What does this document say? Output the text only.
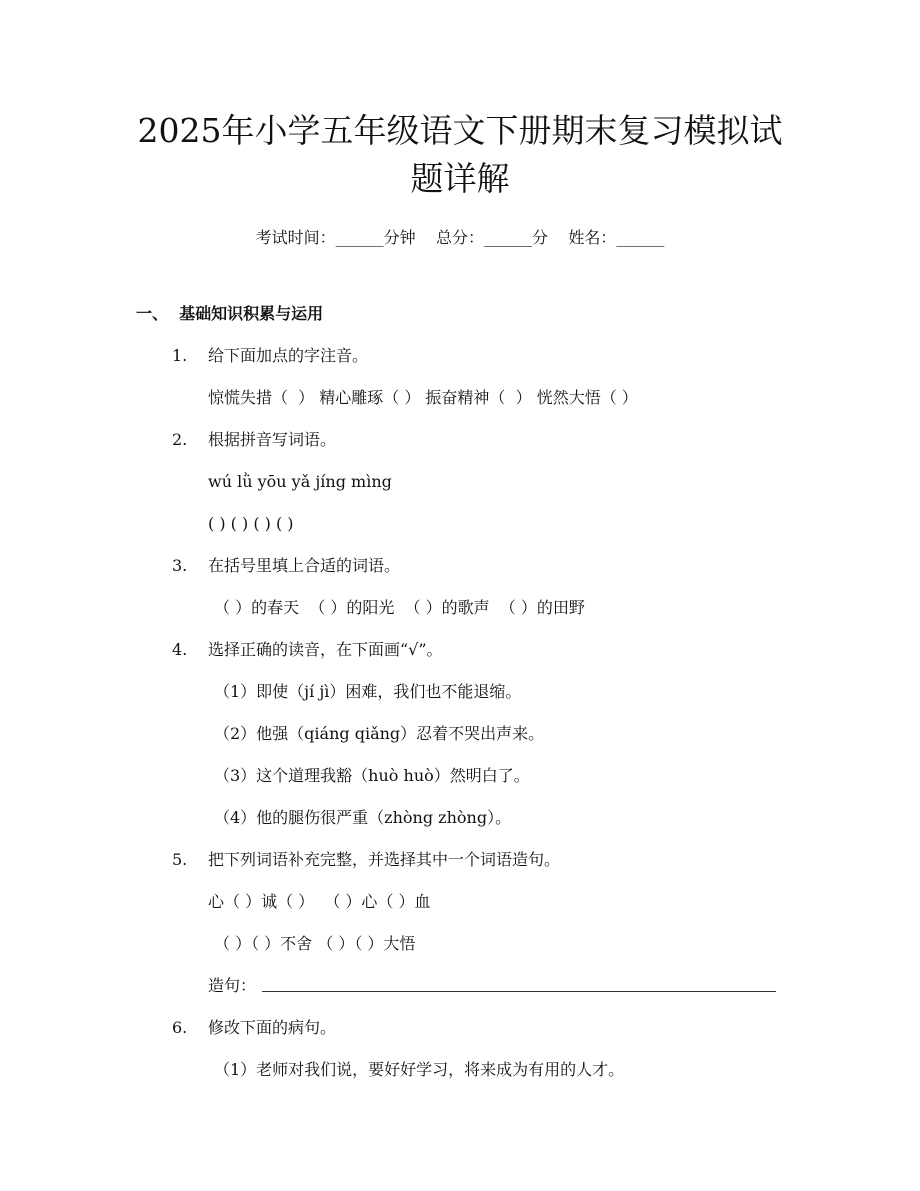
2025年小学五年级语文下册期末复习模拟试
题详解
考试时间：______分钟    总分：______分    姓名：______
一、  基础知识积累与运用
1. 给下面加点的字注音。
惊慌失措（  ） 精心雕琢（ ） 振奋精神（  ） 恍然大悟（ ）
2. 根据拼音写词语。
wú lǜ yōu yǎ jíng mìng
( ) ( ) ( ) ( )
3. 在括号里填上合适的词语。
（ ）的春天  （ ）的阳光  （ ）的歌声  （ ）的田野
4. 选择正确的读音，在下面画“√”。
（1）即使（jí jì）困难，我们也不能退缩。
（2）他强（qiáng qiǎng）忍着不哭出声来。
（3）这个道理我豁（huò huò）然明白了。
（4）他的腿伤很严重（zhòng zhòng）。
5. 把下列词语补充完整，并选择其中一个词语造句。
心（ ）诚（ ）  （ ）心（ ）血
（ ）（ ）不舍 （ ）（ ）大悟
造句：
6. 修改下面的病句。
（1）老师对我们说，要好好学习，将来成为有用的人才。
